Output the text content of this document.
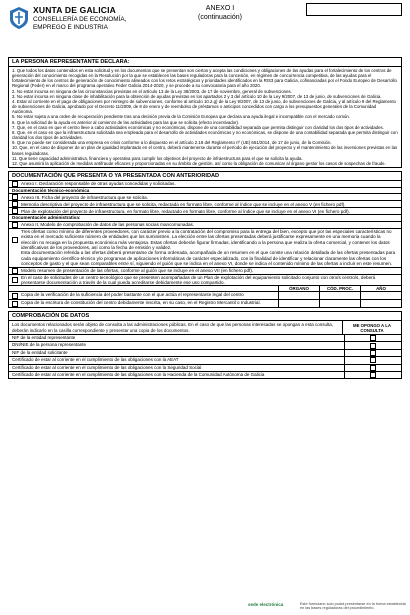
XUNTA DE GALICIA
CONSELLERÍA DE ECONOMÍA,
EMPREGO E INDUSTRIA
ANEXO I
(continuación)
LA PERSONA REPRESENTANTE DECLARA:
1. Que todos los datos contenidos en esta solicitud y en los documentos que se presentan son ciertos y acepta las condiciones y obligaciones de las ayudas para el fortalecimiento de los centros de generación del conocimiento recogidas en la Resolución por la que se establecen las bases reguladoras para la concesión, en régimen de concurrencia competitiva, de las ayudas para el fortalecimiento de los centros de generación de conocimiento alineados con los retos estratégicos y prioridades identificados en la RIS3 para Galicia, cofinanciadas por el Fondo Europeo de Desarrollo Regional (Feder) en el marco del programa operativo Feder Galicia 2014-2020, y se procede a su convocatoria para el año 2020.
2. No estar incursa en ninguna de las circunstancias previstas en el artículo 13 de la Ley 38/2003, de 17 de noviembre, general de subvenciones.
3. No estar incursa en ninguna clase de inhabilitación para la obtención de ayudas previstas en los apartados 2 y 3 del artículo 10 de la Ley 9/2007, de 13 de junio, de subvenciones de Galicia.
4. Estar al corriente en el pago de obligaciones por reintegro de subvenciones, conforme al artículo 10.2.g) de la Ley 9/2007, de 13 de junio, de subvenciones de Galicia, y al artículo 9 del Reglamento de subvenciones de Galicia, aprobado por el Decreto 11/2009, de 8 de enero y de reembolso de préstamos o anticipos concedidos con cargo a los presupuestos generales de la Comunidad Autónoma.
5. No estar sujeta a una orden de recuperación pendiente tras una decisión previa de la Comisión Europea que declara una ayuda ilegal e incompatible con el mercado común.
6. Que la solicitud de la ayuda es anterior al comienzo de las actividades para las que se solicita (efecto incentivador).
7. Que, en el caso en que el centro lleve a cabo actividades económicas y no económicas, dispone de una contabilidad separada que permita distinguir con claridad los dos tipos de actividades.
8. Que, en el caso en que la infraestructura solicitada sea empleada para el desarrollo de actividades económicas y no económicas, se dispone de una contabilidad separada que permita distinguir con claridad los dos tipos de actividades.
9. Que no puede ser considerada una empresa en crisis conforme a lo dispuesto en el artículo 2.18 del Reglamento nº (UE) 651/2014, de 17 de junio, de la Comisión.
10. Que, en el caso de disponer de un plan de igualdad implantado en el centro, deberá mantenerse durante el período de ejecución del proyecto y el mantenimiento de las inversiones previstas en las bases reguladoras.
11. Que tiene capacidad administrativa, financiera y operativa para cumplir los objetivos del proyecto de infraestructura para el que se solicita la ayuda.
12. Que asumirá la aplicación de medidas antifraude eficaces y proporcionadas en su ámbito de gestión, así como la obligación de comunicar al órgano gestor los casos de sospechas de fraude.
DOCUMENTACIÓN QUE PRESENTA O YA PRESENTADA CON ANTERIORIDAD
Anexo I. Declaración responsable de otras ayudas concedidas y solicitadas.
Documentación técnico-económica
Anexo III. Ficha del proyecto de infraestructura que se solicita.
Memoria descriptiva del proyecto de infraestructura que se solicita, redactada en formato libre, conforme al índice que se incluye en el anexo V (en fichero pdf).
Plan de explotación del proyecto de infraestructura, en formato libre, redactado en formato libre, conforme al índice que se incluye en el anexo VI (en fichero pdf).
Documentación administrativa:
Anexo II. Modelo de comprobación de datos de las personas socias mancomunadas.
Tres ofertas como mínimo de diferentes proveedores, con carácter previo a la contratación del compromiso para la entrega del bien, excepto que por las especiales características no exista en el mercado suficiente número de entidades que los suministren. La elección entre las ofertas presentadas deberá justificarse expresamente en una memoria cuando la elección no recaiga en la propuesta económica más ventajosa. Estas ofertas deberán figurar firmadas, identificando a la persona que realiza la oferta comercial, y contener los datos identificativos de los proveedores, así como la fecha de emisión y validez.
Esta documentación referida a las ofertas deberá presentarse de forma ordenada, acompañada de un resumen en el que conste una relación detallada de las ofertas presentadas para cada equipamiento científico-técnico y/o programas de aplicaciones informáticas de carácter especializado, con la finalidad de identificar y relacionar claramente las ofertas con los conceptos de gasto y el que sean comparables entre sí, siguiendo el guión que se indica en el anexo VI, donde se indica el contenido mínimo de las ofertas a incluir en este resumen.
Modelo resumen de presentación de las ofertas, conforme al guión que se incluye en el anexo VII (en fichero pdf).
En el caso de solicitudes de un centro tecnológico que se presenten acompañadas de un Plan de explotación del equipamiento solicitado conjunto con otro/s centro/s, deberá presentarse documentación a través de la cual pueda acreditarse debidamente ese uso compartido.
ÓRGANO	CÓD. PROC.	AÑO
Copia de la verificación de la suficiencia del poder bastante con el que actúa el representante legal del centro
Copia de la escritura de constitución del centro debidamente inscrita, en su caso, en el Registro Mercantil o Industrial.
COMPROBACIÓN DE DATOS
Los documentos relacionados serán objeto de consulta a las administraciones públicas. En el caso de que las personas interesadas se opongan a esta consulta, deberán indicarlo en la casilla correspondiente y presentar una copia de los documentos.
ME OPONGO A LA CONSULTA
NIF de la entidad representante
DNI/NIE de la persona representante
NIF de la entidad solicitante
Certificado de estar al corriente en el cumplimiento de las obligaciones con la AEAT
Certificado de estar al corriente en el cumplimiento de las obligaciones con la Seguridad Social
Certificado de estar al corriente en el cumplimiento de las obligaciones con la Hacienda de la Comunidad Autónoma de Galicia
sede electrónica	Este formulario solo podrá presentarse en la forma establecida en las bases reguladoras del procedimiento.
